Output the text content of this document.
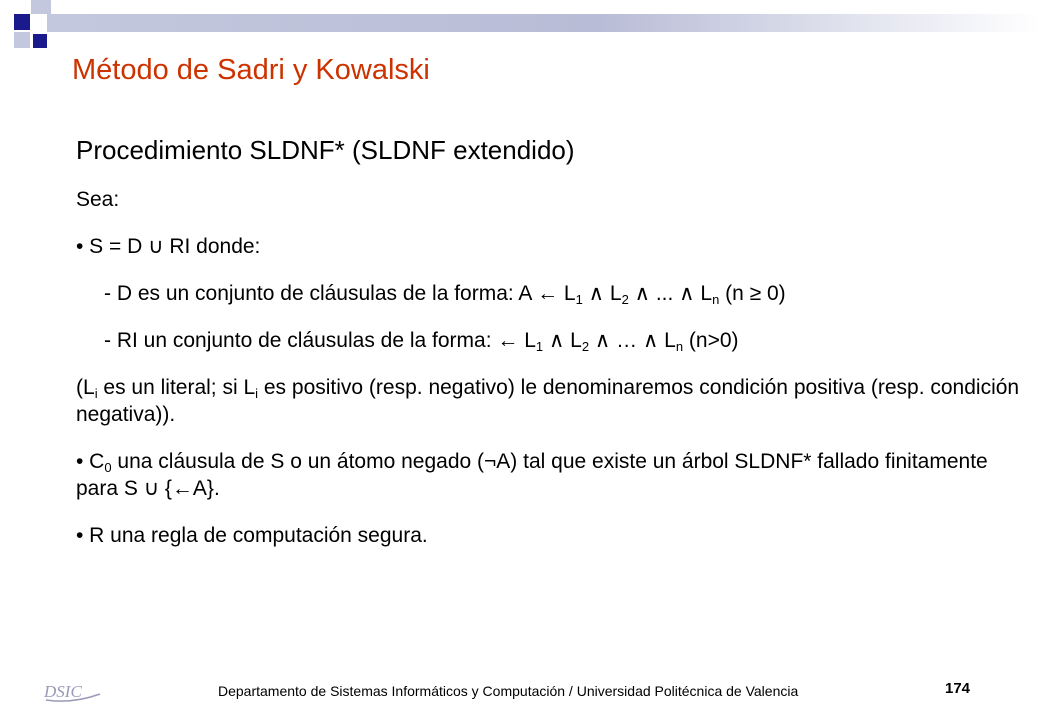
Método de Sadri y Kowalski
Procedimiento SLDNF* (SLDNF extendido)
Sea:
• S = D ∪ RI donde:
- D es un conjunto de cláusulas de la forma: A ← $L_1$ ∧ $L_2$ ∧ ... ∧ $L_n$ (n ≥ 0)
- RI un conjunto de cláusulas de la forma: ← $L_1$ ∧ $L_2$ ∧ … ∧ $L_n$ (n>0)
($L_i$ es un literal; si $L_i$ es positivo (resp. negativo) le denominaremos condición positiva (resp. condición negativa)).
• $C_0$ una cláusula de S o un átomo negado (¬A) tal que existe un árbol SLDNF* fallado finitamente para S ∪ {←A}.
• R una regla de computación segura.
DSIC	Departamento de Sistemas Informáticos y Computación / Universidad Politécnica de Valencia	174
